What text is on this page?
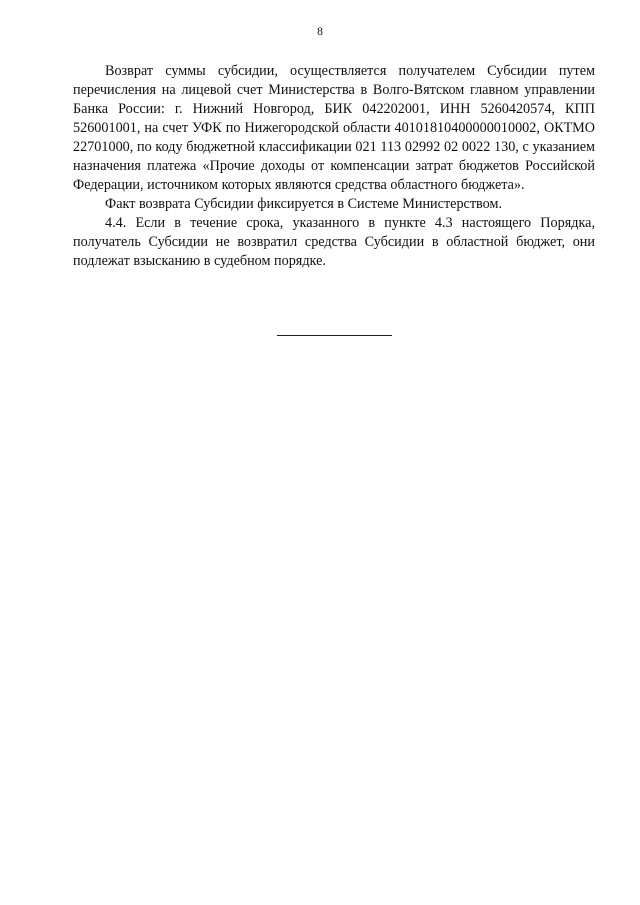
8

Возврат суммы субсидии, осуществляется получателем Субсидии путем перечисления на лицевой счет Министерства в Волго-Вятском главном управлении Банка России: г. Нижний Новгород, БИК 042202001, ИНН 5260420574, КПП 526001001, на счет УФК по Нижегородской области 40101810400000010002, ОКТМО 22701000, по коду бюджетной классификации 021 113 02992 02 0022 130, с указанием назначения платежа «Прочие доходы от компенсации затрат бюджетов Российской Федерации, источником которых являются средства областного бюджета».

Факт возврата Субсидии фиксируется в Системе Министерством.

4.4. Если в течение срока, указанного в пункте 4.3 настоящего Порядка, получатель Субсидии не возвратил средства Субсидии в областной бюджет, они подлежат взысканию в судебном порядке.
